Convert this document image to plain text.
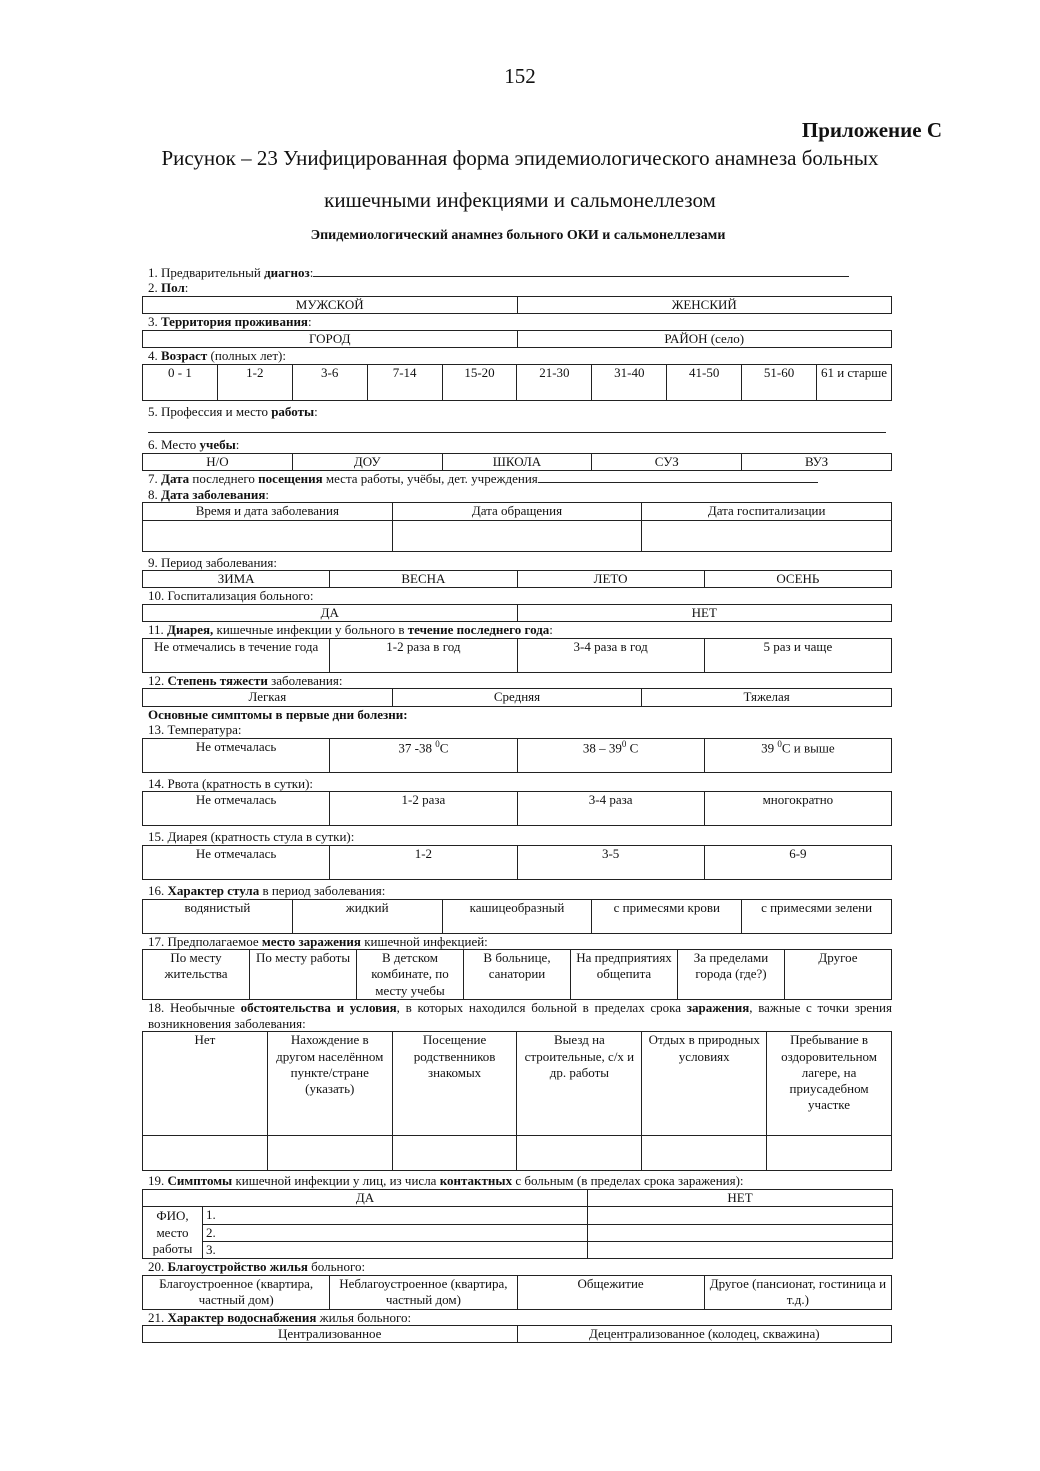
152
Приложение С
Рисунок – 23 Унифицированная форма эпидемиологического анамнеза больных
кишечными инфекциями и сальмонеллезом
Эпидемиологический анамнез больного ОКИ и сальмонеллезами
1. Предварительный диагноз:
2. Пол:
МУЖСКОЙ	ЖЕНСКИЙ
3. Территория проживания:
ГОРОД	РАЙОН (село)
4. Возраст (полных лет):
0 - 1	1-2	3-6	7-14	15-20	21-30	31-40	41-50	51-60	61 и старше
5. Профессия и место работы:
6. Место учебы:
Н/О	ДОУ	ШКОЛА	СУЗ	ВУЗ
7. Дата последнего посещения места работы, учёбы, дет. учреждения
8. Дата заболевания:
Время и дата заболевания	Дата обращения	Дата госпитализации

9. Период заболевания:
ЗИМА	ВЕСНА	ЛЕТО	ОСЕНЬ
10. Госпитализация больного:
ДА	НЕТ
11. Диарея, кишечные инфекции у больного в течение последнего года:
Не отмечались в течение года	1-2 раза в год	3-4 раза в год	5 раз и чаще
12. Степень тяжести заболевания:
Легкая	Средняя	Тяжелая
Основные симптомы в первые дни болезни:
13. Температура:
Не отмечалась	37 -38 $^0$С	$38 - 39^0$ С	39 $^0$С и выше
14. Рвота (кратность в сутки):
Не отмечалась	1-2 раза	3-4 раза	многократно
15. Диарея (кратность стула в сутки):
Не отмечалась	1-2	3-5	6-9
16. Характер стула в период заболевания:
водянистый	жидкий	кашицеобразный	с примесями крови	с примесями зелени
17. Предполагаемое место заражения кишечной инфекцией:
По месту жительства	По месту работы	В детском комбинате, по месту учебы	В больнице, санатории	На предприятиях общепита	За пределами города (где?)	Другое
18. Необычные обстоятельства и условия, в которых находился больной в пределах срока заражения, важные с точки зрения возникновения заболевания:
Нет	Нахождение в другом населённом пункте/стране (указать)	Посещение родственников знакомых	Выезд на строительные, с/х и др. работы	Отдых в природных условиях	Пребывание в оздоровительном лагере, на приусадебном участке

19. Симптомы кишечной инфекции у лиц, из числа контактных с больным (в пределах срока заражения):
ДА		НЕТ
ФИО, место работы	1.	
	2.	
	3.	
20. Благоустройство жилья больного:
Благоустроенное (квартира, частный дом)	Неблагоустроенное (квартира, частный дом)	Общежитие	Другое (пансионат, гостиница и т.д.)
21. Характер водоснабжения жилья больного:
Централизованное	Децентрализованное (колодец, скважина)
